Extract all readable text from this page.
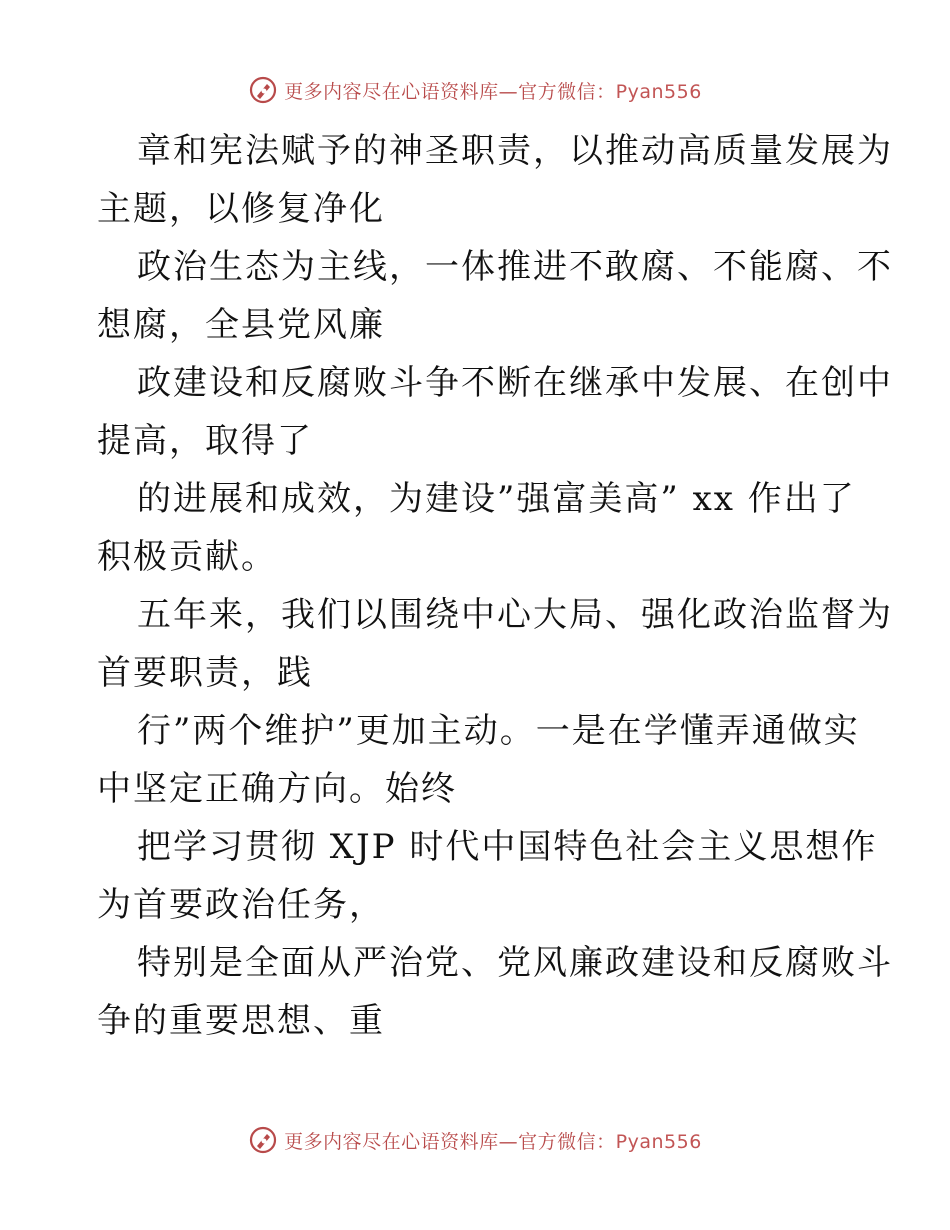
更多内容尽在心语资料库—官方微信：Pyan556
章和宪法赋予的神圣职责，以推动高质量发展为
主题，以修复净化
政治生态为主线，一体推进不敢腐、不能腐、不
想腐，全县党风廉
政建设和反腐败斗争不断在继承中发展、在创中
提高，取得了
的进展和成效，为建设”强富美高” xx 作出了
积极贡献。
五年来，我们以围绕中心大局、强化政治监督为
首要职责，践
行”两个维护”更加主动。一是在学懂弄通做实
中坚定正确方向。始终
把学习贯彻 XJP 时代中国特色社会主义思想作
为首要政治任务，
特别是全面从严治党、党风廉政建设和反腐败斗
争的重要思想、重
更多内容尽在心语资料库—官方微信：Pyan556
